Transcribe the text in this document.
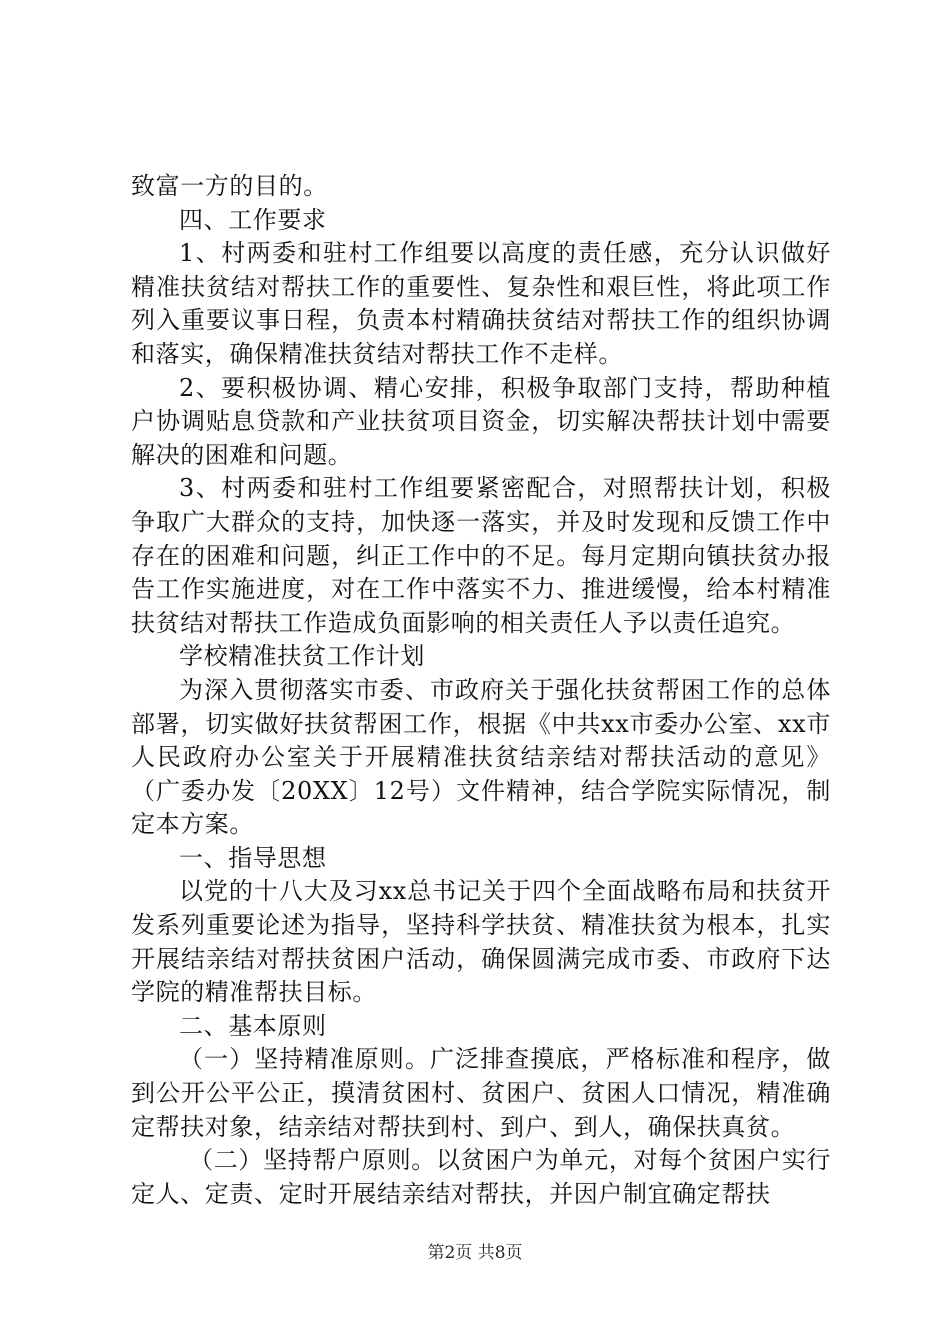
致富一方的目的。

四、工作要求

1、村两委和驻村工作组要以高度的责任感，充分认识做好精准扶贫结对帮扶工作的重要性、复杂性和艰巨性，将此项工作列入重要议事日程，负责本村精确扶贫结对帮扶工作的组织协调和落实，确保精准扶贫结对帮扶工作不走样。

2、要积极协调、精心安排，积极争取部门支持，帮助种植户协调贴息贷款和产业扶贫项目资金，切实解决帮扶计划中需要解决的困难和问题。

3、村两委和驻村工作组要紧密配合，对照帮扶计划，积极争取广大群众的支持，加快逐一落实，并及时发现和反馈工作中存在的困难和问题，纠正工作中的不足。每月定期向镇扶贫办报告工作实施进度，对在工作中落实不力、推进缓慢，给本村精准扶贫结对帮扶工作造成负面影响的相关责任人予以责任追究。

学校精准扶贫工作计划

为深入贯彻落实市委、市政府关于强化扶贫帮困工作的总体部署，切实做好扶贫帮困工作，根据《中共xx市委办公室、xx市人民政府办公室关于开展精准扶贫结亲结对帮扶活动的意见》（广委办发〔20XX〕12号）文件精神，结合学院实际情况，制定本方案。

一、指导思想

以党的十八大及习xx总书记关于四个全面战略布局和扶贫开发系列重要论述为指导，坚持科学扶贫、精准扶贫为根本，扎实开展结亲结对帮扶贫困户活动，确保圆满完成市委、市政府下达学院的精准帮扶目标。

二、基本原则

（一）坚持精准原则。广泛排查摸底，严格标准和程序，做到公开公平公正，摸清贫困村、贫困户、贫困人口情况，精准确定帮扶对象，结亲结对帮扶到村、到户、到人，确保扶真贫。

（二）坚持帮户原则。以贫困户为单元，对每个贫困户实行定人、定责、定时开展结亲结对帮扶，并因户制宜确定帮扶

第2页 共8页
